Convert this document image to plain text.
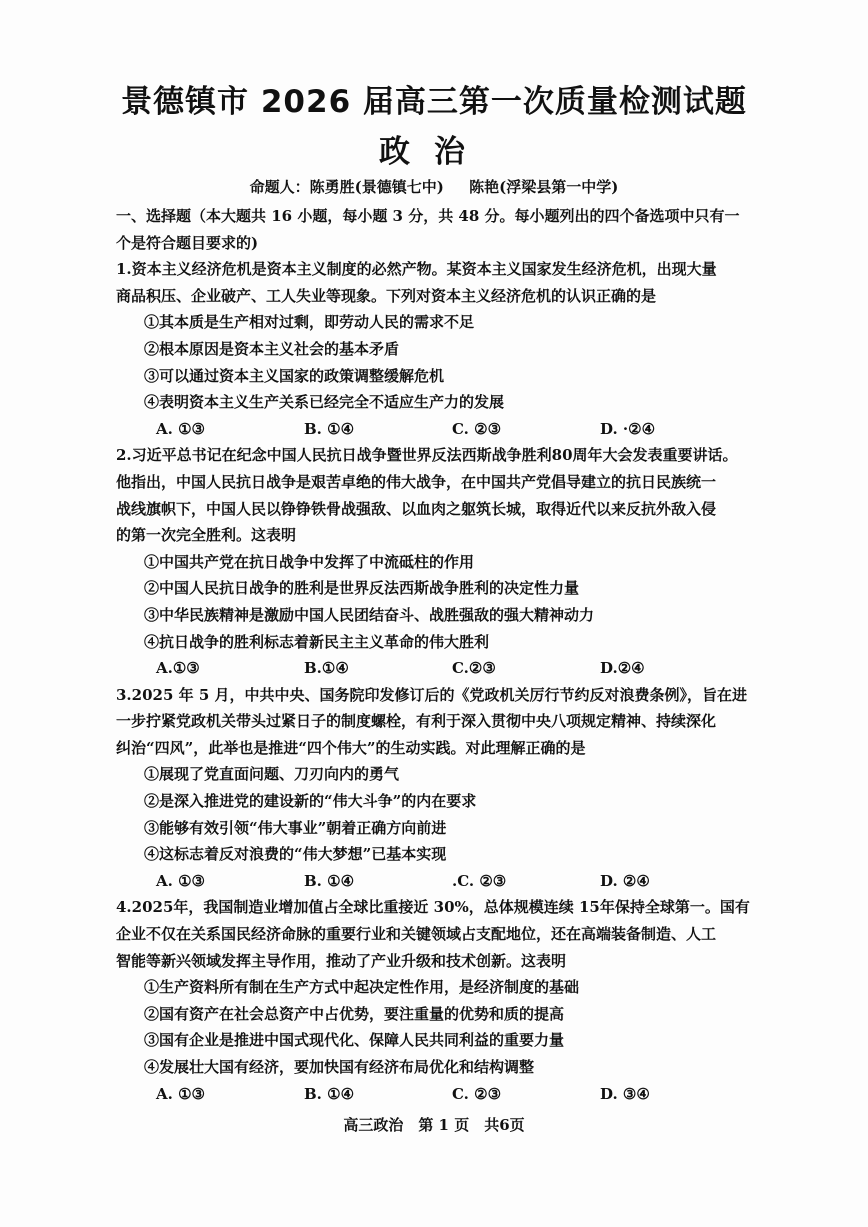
景德镇市 2026 届高三第一次质量检测试题
政治
命题人：陈勇胜(景德镇七中) 陈艳(浮梁县第一中学)

一、选择题（本大题共 16 小题，每小题 3 分，共 48 分。每小题列出的四个备选项中只有一

个是符合题目要求的)

1.资本主义经济危机是资本主义制度的必然产物。某资本主义国家发生经济危机，出现大量

商品积压、企业破产、工人失业等现象。下列对资本主义经济危机的认识正确的是

①其本质是生产相对过剩，即劳动人民的需求不足

②根本原因是资本主义社会的基本矛盾

③可以通过资本主义国家的政策调整缓解危机

④表明资本主义生产关系已经完全不适应生产力的发展

A. ①③	B. ①④	C. ②③	D. ·②④

2.习近平总书记在纪念中国人民抗日战争暨世界反法西斯战争胜利80周年大会发表重要讲话。

他指出，中国人民抗日战争是艰苦卓绝的伟大战争，在中国共产党倡导建立的抗日民族统一

战线旗帜下，中国人民以铮铮铁骨战强敌、以血肉之躯筑长城，取得近代以来反抗外敌入侵

的第一次完全胜利。这表明

①中国共产党在抗日战争中发挥了中流砥柱的作用

②中国人民抗日战争的胜利是世界反法西斯战争胜利的决定性力量

③中华民族精神是激励中国人民团结奋斗、战胜强敌的强大精神动力

④抗日战争的胜利标志着新民主主义革命的伟大胜利

A.①③	B.①④	C.②③	D.②④

3.2025 年 5 月，中共中央、国务院印发修订后的《党政机关厉行节约反对浪费条例》，旨在进

一步拧紧党政机关带头过紧日子的制度螺栓，有利于深入贯彻中央八项规定精神、持续深化

纠治“四风”，此举也是推进“四个伟大”的生动实践。对此理解正确的是

①展现了党直面问题、刀刃向内的勇气

②是深入推进党的建设新的“伟大斗争”的内在要求

③能够有效引领“伟大事业”朝着正确方向前进

④这标志着反对浪费的“伟大梦想”已基本实现

A. ①③	B. ①④	.C. ②③	D. ②④

4.2025年，我国制造业增加值占全球比重接近 30%，总体规模连续 15年保持全球第一。国有

企业不仅在关系国民经济命脉的重要行业和关键领域占支配地位，还在高端装备制造、人工

智能等新兴领域发挥主导作用，推动了产业升级和技术创新。这表明

①生产资料所有制在生产方式中起决定性作用，是经济制度的基础

②国有资产在社会总资产中占优势，要注重量的优势和质的提高

③国有企业是推进中国式现代化、保障人民共同利益的重要力量

④发展壮大国有经济，要加快国有经济布局优化和结构调整

A. ①③	B. ①④	C. ②③	D. ③④
高三政治　第 1 页　共6页
